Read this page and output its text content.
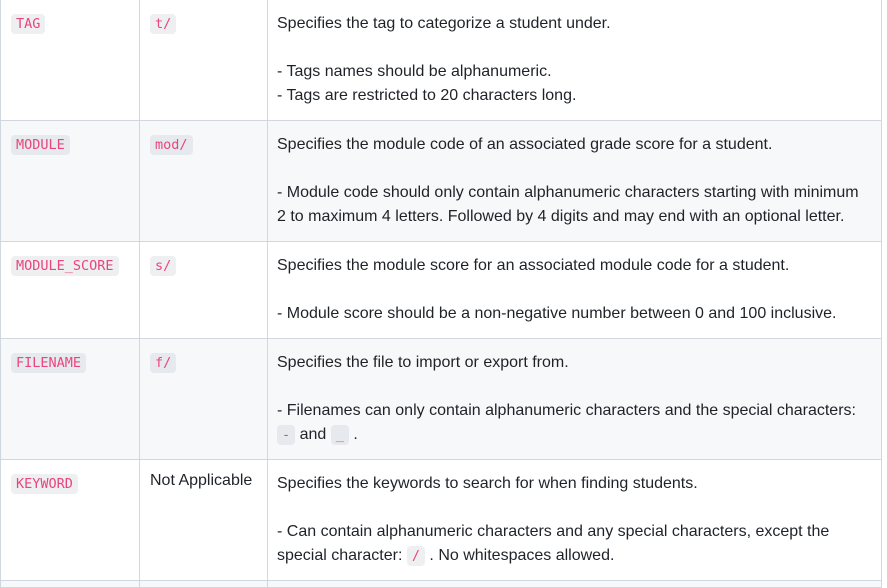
TAG	t/	Specifies the tag to categorize a student under.

- Tags names should be alphanumeric.

- Tags are restricted to 20 characters long.

MODULE	mod/	Specifies the module code of an associated grade score for a student.

- Module code should only contain alphanumeric characters starting with minimum 2 to maximum 4 letters. Followed by 4 digits and may end with an optional letter.

MODULE_SCORE	s/	Specifies the module score for an associated module code for a student.

- Module score should be a non-negative number between 0 and 100 inclusive.

FILENAME	f/	Specifies the file to import or export from.

- Filenames can only contain alphanumeric characters and the special characters: - and _ .

KEYWORD	Not Applicable	Specifies the keywords to search for when finding students.

- Can contain alphanumeric characters and any special characters, except the special character: / . No whitespaces allowed.
